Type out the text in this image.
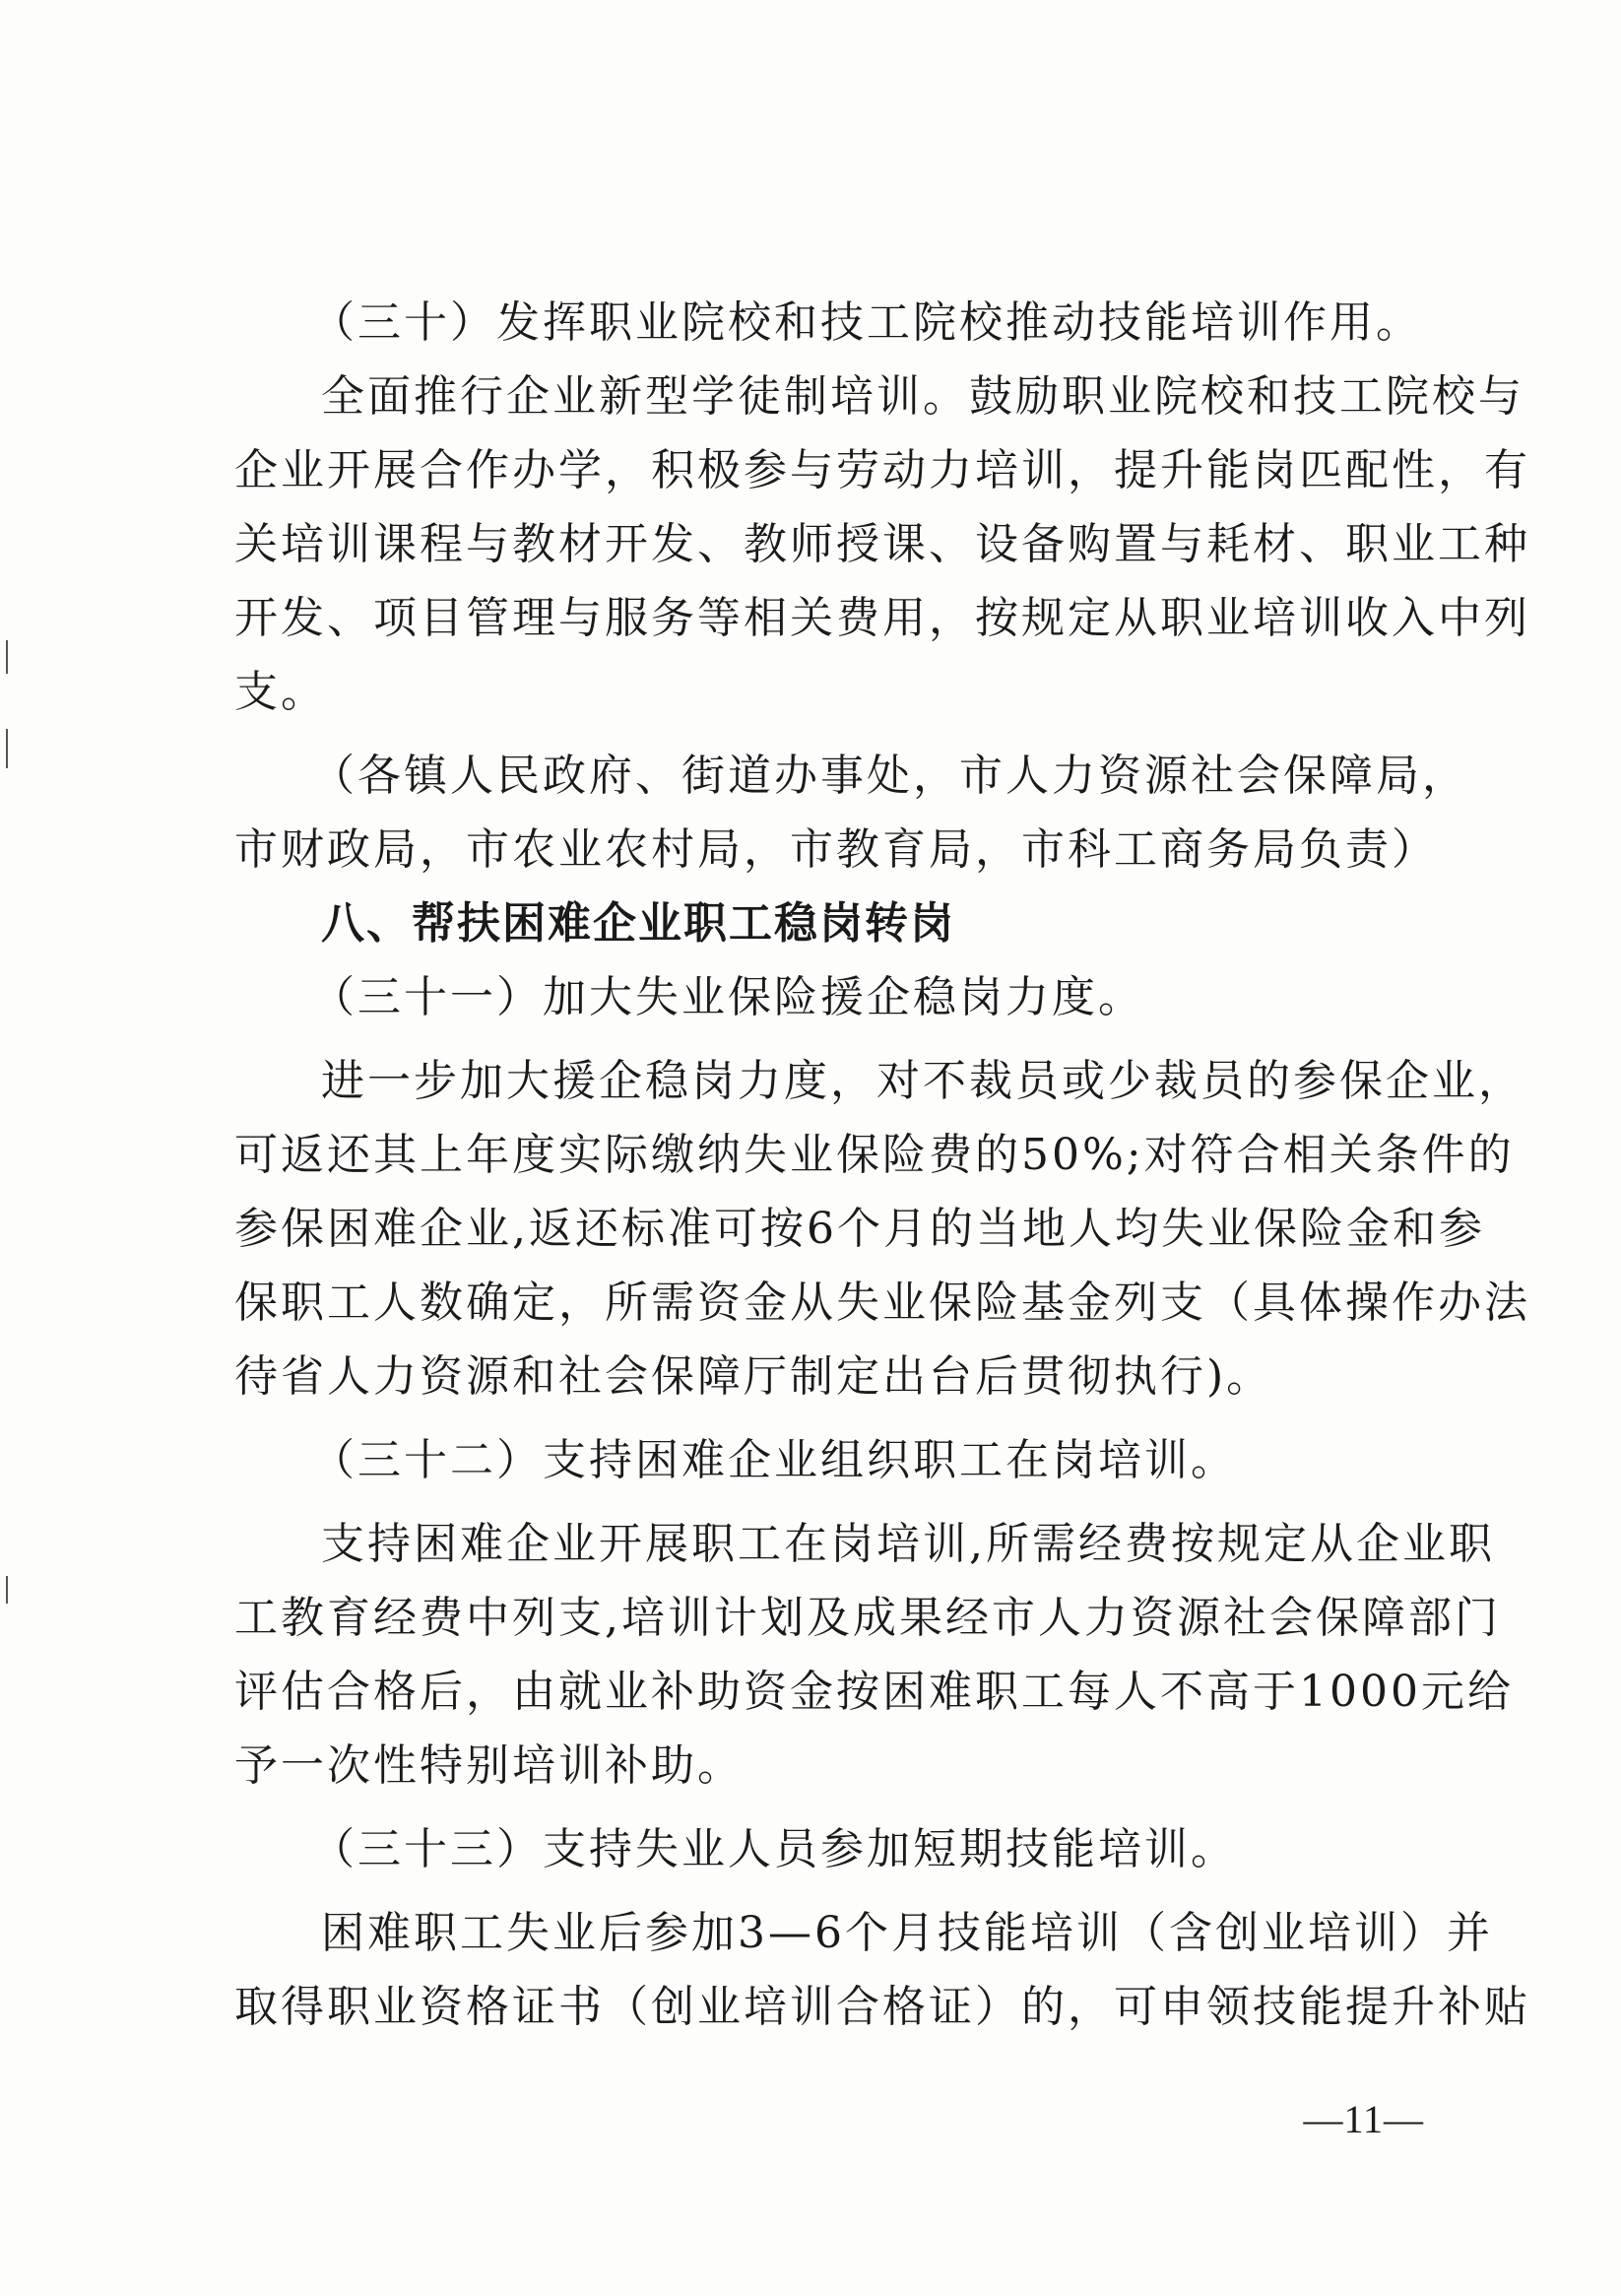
（三十）发挥职业院校和技工院校推动技能培训作用。
全面推行企业新型学徒制培训。鼓励职业院校和技工院校与
企业开展合作办学，积极参与劳动力培训，提升能岗匹配性，有
关培训课程与教材开发、教师授课、设备购置与耗材、职业工种
开发、项目管理与服务等相关费用，按规定从职业培训收入中列
支。
（各镇人民政府、街道办事处，市人力资源社会保障局，
市财政局，市农业农村局，市教育局，市科工商务局负责）
八、帮扶困难企业职工稳岗转岗
（三十一）加大失业保险援企稳岗力度。
进一步加大援企稳岗力度，对不裁员或少裁员的参保企业，
可返还其上年度实际缴纳失业保险费的50%;对符合相关条件的
参保困难企业,返还标准可按6个月的当地人均失业保险金和参
保职工人数确定，所需资金从失业保险基金列支（具体操作办法
待省人力资源和社会保障厅制定出台后贯彻执行)。
（三十二）支持困难企业组织职工在岗培训。
支持困难企业开展职工在岗培训,所需经费按规定从企业职
工教育经费中列支,培训计划及成果经市人力资源社会保障部门
评估合格后，由就业补助资金按困难职工每人不高于1000元给
予一次性特别培训补助。
（三十三）支持失业人员参加短期技能培训。
困难职工失业后参加3—6个月技能培训（含创业培训）并
取得职业资格证书（创业培训合格证）的，可申领技能提升补贴
—11—
